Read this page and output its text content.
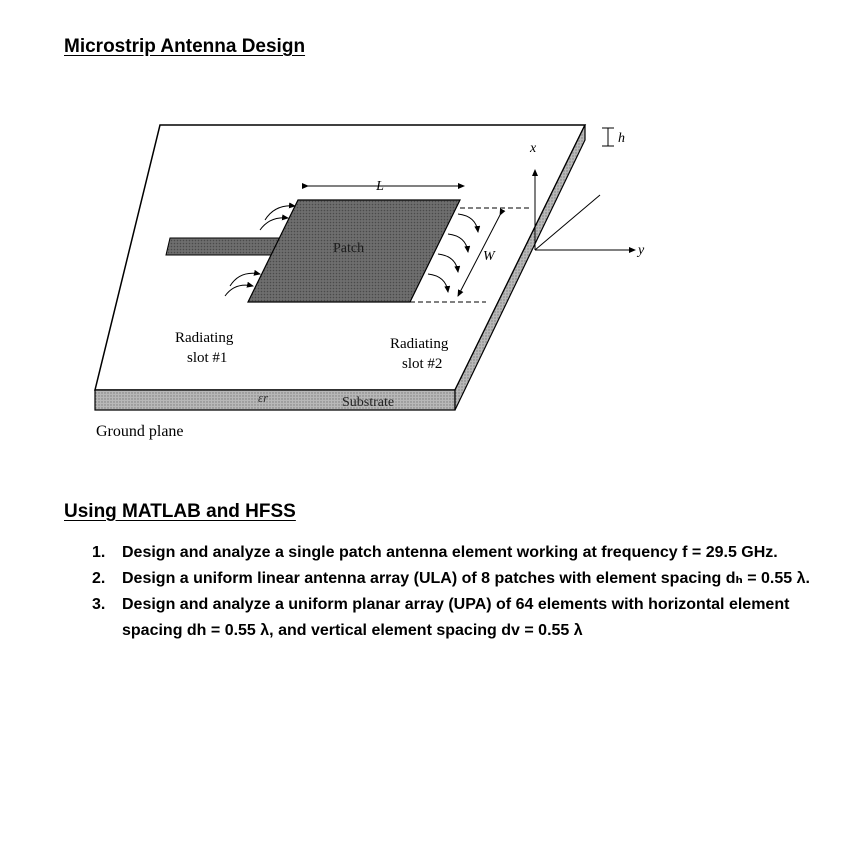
Microstrip Antenna Design
L
W
x
y
h
Patch
Radiating
slot #1
Radiating
slot #2
εr	Substrate
Ground plane
Using MATLAB and HFSS
1. Design and analyze a single patch antenna element working at frequency f = 29.5 GHz.
2. Design a uniform linear antenna array (ULA) of 8 patches with element spacing dₕ = 0.55 λ.
3. Design and analyze a uniform planar array (UPA) of 64 elements with horizontal element spacing dh = 0.55 λ, and vertical element spacing dv = 0.55 λ
